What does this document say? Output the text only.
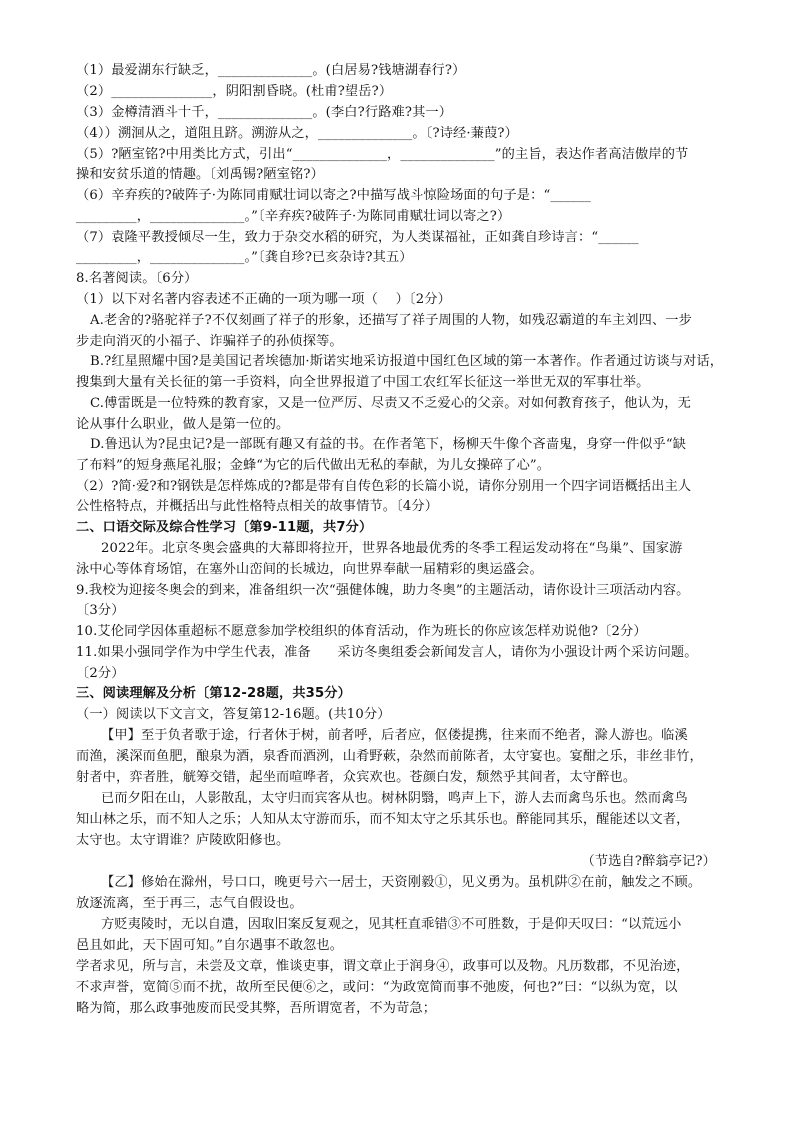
（1）最爱湖东行缺乏，______________。(白居易?钱塘湖春行?）
（2）_______________，阴阳割昏晓。(杜甫?望岳?）
（3）金樽清酒斗十千，______________。(李白?行路难?其一）
（4））溯洄从之，道阻且跻。溯游从之，______________。〔?诗经·蒹葭?）
（5）?陋室铭?中用类比方式，引出“______________，______________”的主旨，表达作者高洁傲岸的节
操和安贫乐道的情趣。〔刘禹锡?陋室铭?）
（6）辛弃疾的?破阵子·为陈同甫赋壮词以寄之?中描写战斗惊险场面的句子是：“______
_________，______________。”〔辛弃疾?破阵子·为陈同甫赋壮词以寄之?）
（7）袁隆平教授倾尽一生，致力于杂交水稻的研究，为人类谋福祉，正如龚自珍诗言：“______
_________，______________。”〔龚自珍?已亥杂诗?其五）
8.名著阅读。〔6分）
（1）以下对名著内容表述不正确的一项为哪一项（　 ）〔2分）
A.老舍的?骆驼祥子?不仅刻画了祥子的形象，还描写了祥子周围的人物，如残忍霸道的车主刘四、一步
步走向消灭的小福子、诈骗祥子的孙侦探等。
B.?红星照耀中国?是美国记者埃德加·斯诺实地采访报道中国红色区域的第一本著作。作者通过访谈与对话，
搜集到大量有关长征的第一手资料，向全世界报道了中国工农红军长征这一举世无双的军事壮举。
C.傅雷既是一位特殊的教育家，又是一位严厉、尽责又不乏爱心的父亲。对如何教育孩子，他认为，无
论从事什么职业，做人是第一位的。
D.鲁迅认为?昆虫记?是一部既有趣又有益的书。在作者笔下，杨柳天牛像个吝啬鬼，身穿一件似乎“缺
了布料”的短身燕尾礼服；金蜂“为它的后代做出无私的奉献，为儿女操碎了心”。
（2）?简·爱?和?钢铁是怎样炼成的?都是带有自传色彩的长篇小说，请你分别用一个四字词语概括出主人
公性格特点，并概括出与此性格特点相关的故事情节。〔4分）
二、口语交际及综合性学习〔第9-11题，共7分）
2022年。北京冬奥会盛典的大幕即将拉开，世界各地最优秀的冬季工程运发动将在“鸟巢”、国家游
泳中心等体育场馆，在塞外山峦间的长城边，向世界奉献一届精彩的奥运盛会。
9.我校为迎接冬奥会的到来，准备组织一次“强健体魄，助力冬奥”的主题活动，请你设计三项活动内容。
〔3分）
10.艾伦同学因体重超标不愿意参加学校组织的体育活动，作为班长的你应该怎样劝说他?〔2分）
11.如果小强同学作为中学生代表，准备　　采访冬奥组委会新闻发言人，请你为小强设计两个采访问题。
〔2分）
三、阅读理解及分析〔第12-28题，共35分）
（一）阅读以下文言文，答复第12-16题。(共10分）
【甲】至于负者歌于途，行者休于树，前者呼，后者应，伛偻提携，往来而不绝者，滁人游也。临溪
而渔，溪深而鱼肥，酿泉为酒，泉香而酒洌，山肴野蔌，杂然而前陈者，太守宴也。宴酣之乐，非丝非竹，
射者中，弈者胜，觥筹交错，起坐而喧哗者，众宾欢也。苍颜白发，颓然乎其间者，太守醉也。
已而夕阳在山，人影散乱，太守归而宾客从也。树林阴翳，鸣声上下，游人去而禽鸟乐也。然而禽鸟
知山林之乐，而不知人之乐；人知从太守游而乐，而不知太守之乐其乐也。醉能同其乐，醒能述以文者，
太守也。太守谓谁？庐陵欧阳修也。
（节选自?醉翁亭记?）
【乙】修始在滁州，号口口，晚更号六一居士，天资刚毅①，见义勇为。虽机阱②在前，触发之不顾。
放逐流离，至于再三，志气自假设也。
方贬夷陵时，无以自遣，因取旧案反复观之，见其枉直乖错③不可胜数，于是仰天叹曰：“以荒远小
邑且如此，天下固可知。”自尔遇事不敢忽也。
学者求见，所与言，未尝及文章，惟谈吏事，谓文章止于润身④，政事可以及物。凡历数郡，不见治迹，
不求声誉，宽简⑤而不扰，故所至民便⑥之，或问：“为政宽简而事不弛废，何也?”曰：“以纵为宽，以
略为简，那么政事弛废而民受其弊，吾所谓宽者，不为苛急；
